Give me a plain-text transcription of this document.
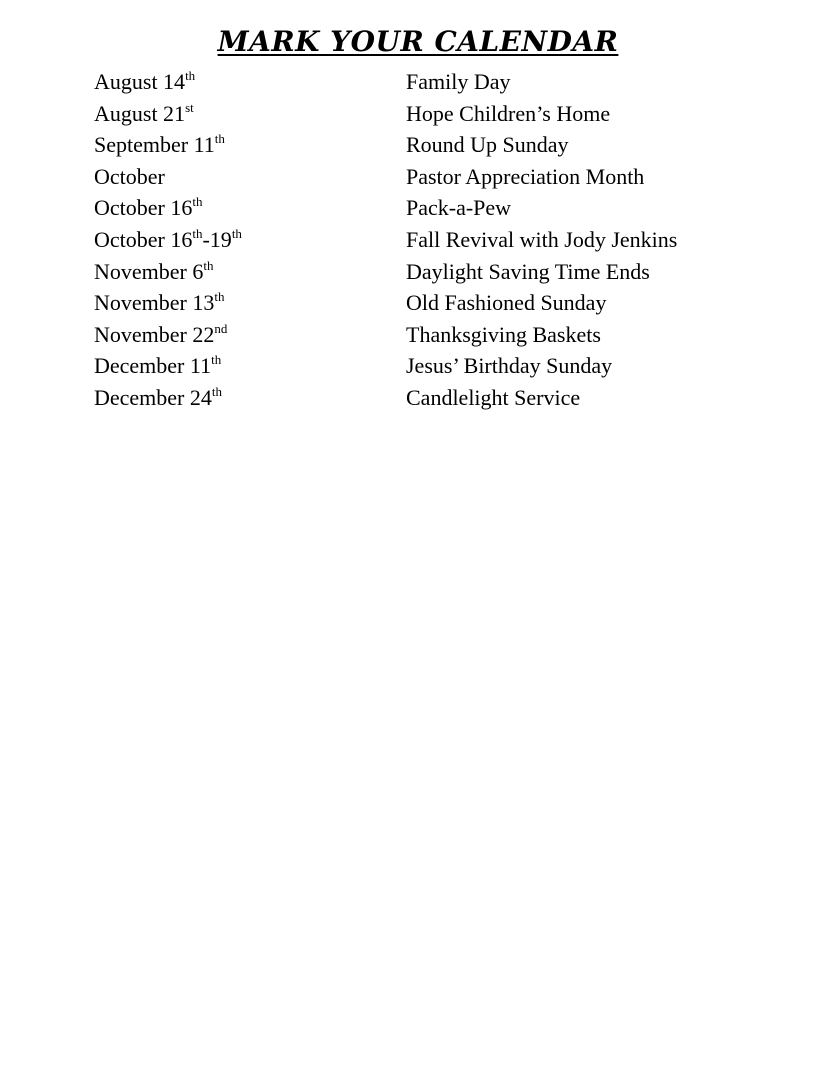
MARK YOUR CALENDAR
August 14th	Family Day
August 21st	Hope Children’s Home
September 11th	Round Up Sunday
October	Pastor Appreciation Month
October 16th	Pack-a-Pew
October 16th-19th	Fall Revival with Jody Jenkins
November 6th	Daylight Saving Time Ends
November 13th	Old Fashioned Sunday
November 22nd	Thanksgiving Baskets
December 11th	Jesus’ Birthday Sunday
December 24th	Candlelight Service
